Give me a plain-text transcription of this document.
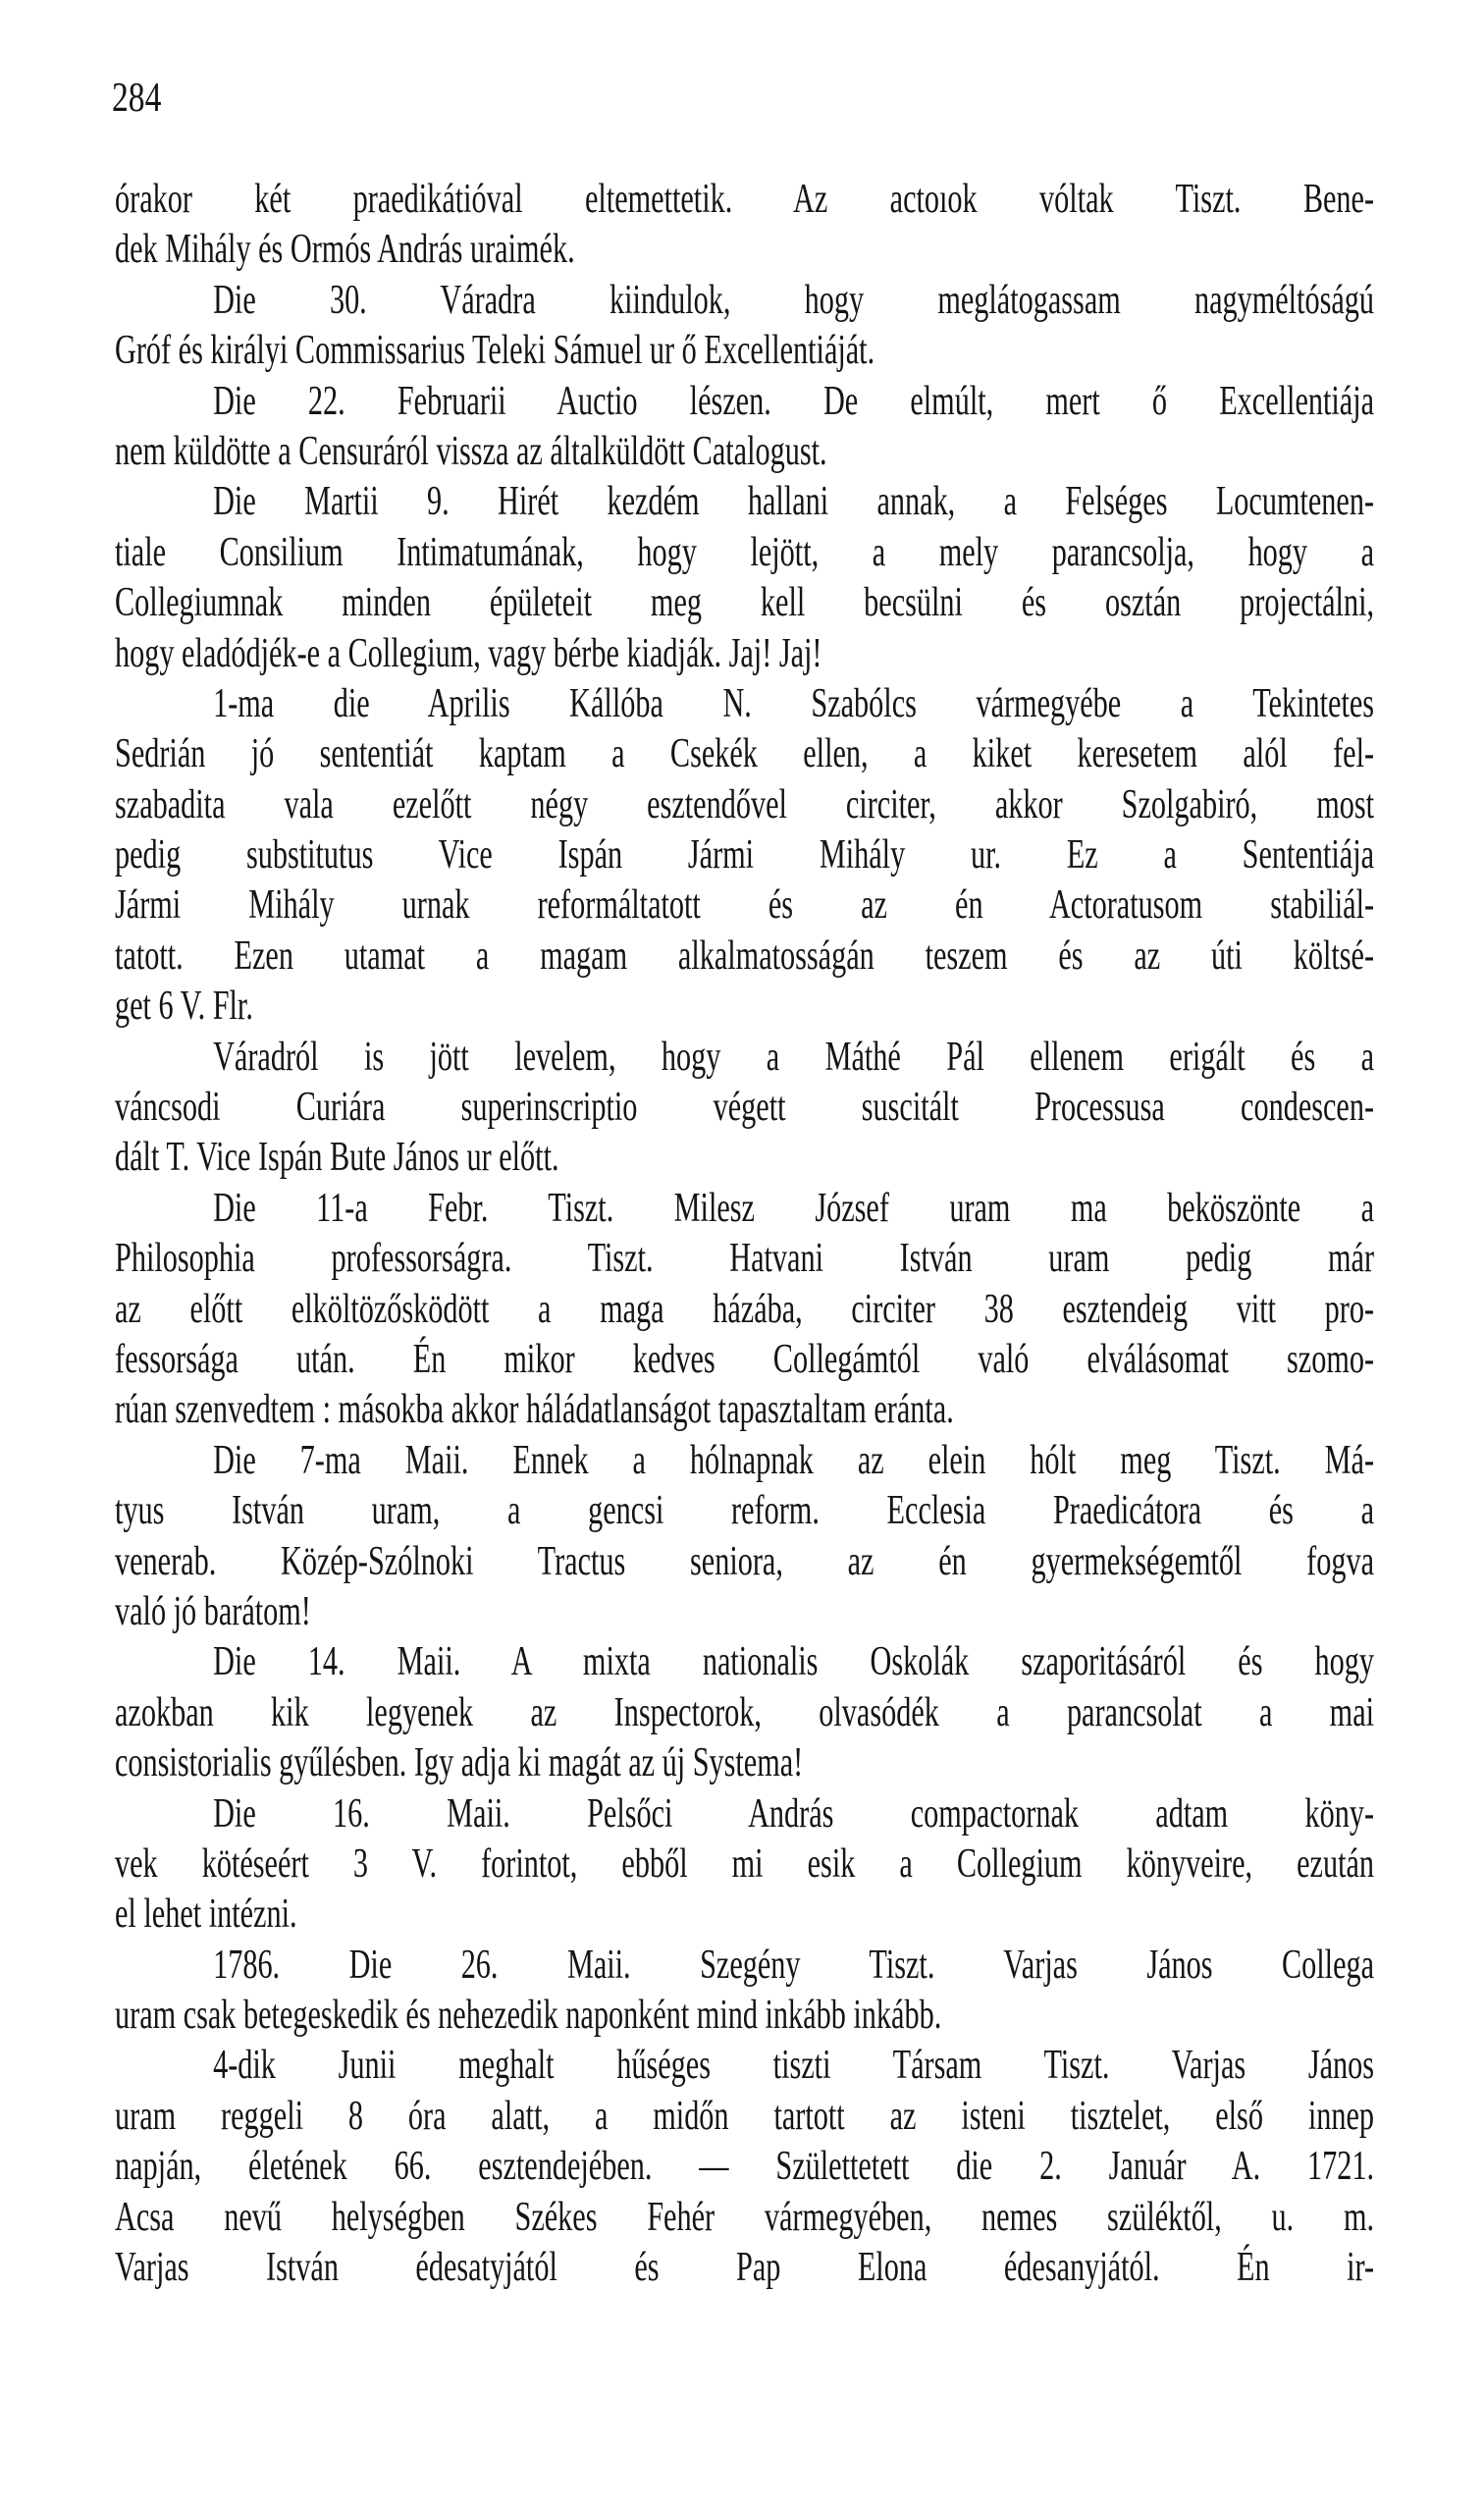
284
órakor két praedikátióval eltemettetik. Az actoıok vóltak Tiszt. Bene-
dek Mihály és Ormós András uraimék.
Die 30. Váradra kiindulok, hogy meglátogassam nagyméltóságú
Gróf és királyi Commissarius Teleki Sámuel ur ő Excellentiáját.
Die 22. Februarii Auctio lészen. De elmúlt, mert ő Excellentiája
nem küldötte a Censuráról vissza az általküldött Catalogust.
Die Martii 9. Hirét kezdém hallani annak, a Felséges Locumtenen-
tiale Consilium Intimatumának, hogy lejött, a mely parancsolja, hogy a
Collegiumnak minden épületeit meg kell becsülni és osztán projectálni,
hogy eladódjék-e a Collegium, vagy bérbe kiadják. Jaj! Jaj!
1-ma die Aprilis Kállóba N. Szabólcs vármegyébe a Tekintetes
Sedrián jó sententiát kaptam a Csekék ellen, a kiket keresetem alól fel-
szabadita vala ezelőtt négy esztendővel circiter, akkor Szolgabiró, most
pedig substitutus Vice Ispán Jármi Mihály ur. Ez a Sententiája
Jármi Mihály urnak reformáltatott és az én Actoratusom stabiliál-
tatott. Ezen utamat a magam alkalmatosságán teszem és az úti költsé-
get 6 V. Flr.
Váradról is jött levelem, hogy a Máthé Pál ellenem erigált és a
váncsodi Curiára superinscriptio végett suscitált Processusa condescen-
dált T. Vice Ispán Bute János ur előtt.
Die 11-a Febr. Tiszt. Milesz József uram ma beköszönte a
Philosophia professorságra. Tiszt. Hatvani István uram pedig már
az előtt elköltözősködött a maga házába, circiter 38 esztendeig vitt pro-
fessorsága után. Én mikor kedves Collegámtól való elválásomat szomo-
rúan szenvedtem : másokba akkor háládatlanságot tapasztaltam eránta.
Die 7-ma Maii. Ennek a hólnapnak az elein hólt meg Tiszt. Má-
tyus István uram, a gencsi reform. Ecclesia Praedicátora és a
venerab. Közép-Szólnoki Tractus seniora, az én gyermekségemtől fogva
való jó barátom!
Die 14. Maii. A mixta nationalis Oskolák szaporitásáról és hogy
azokban kik legyenek az Inspectorok, olvasódék a parancsolat a mai
consistorialis gyűlésben. Igy adja ki magát az új Systema!
Die 16. Maii. Pelsőci András compactornak adtam köny-
vek kötéseért 3 V. forintot, ebből mi esik a Collegium könyveire, ezután
el lehet intézni.
1786. Die 26. Maii. Szegény Tiszt. Varjas János Collega
uram csak betegeskedik és nehezedik naponként mind inkább inkább.
4-dik Junii meghalt hűséges tiszti Társam Tiszt. Varjas János
uram reggeli 8 óra alatt, a midőn tartott az isteni tisztelet, első innep
napján, életének 66. esztendejében. — Születtetett die 2. Január A. 1721.
Acsa nevű helységben Székes Fehér vármegyében, nemes szüléktől, u. m.
Varjas István édesatyjától és Pap Elona édesanyjától. Én ir-
